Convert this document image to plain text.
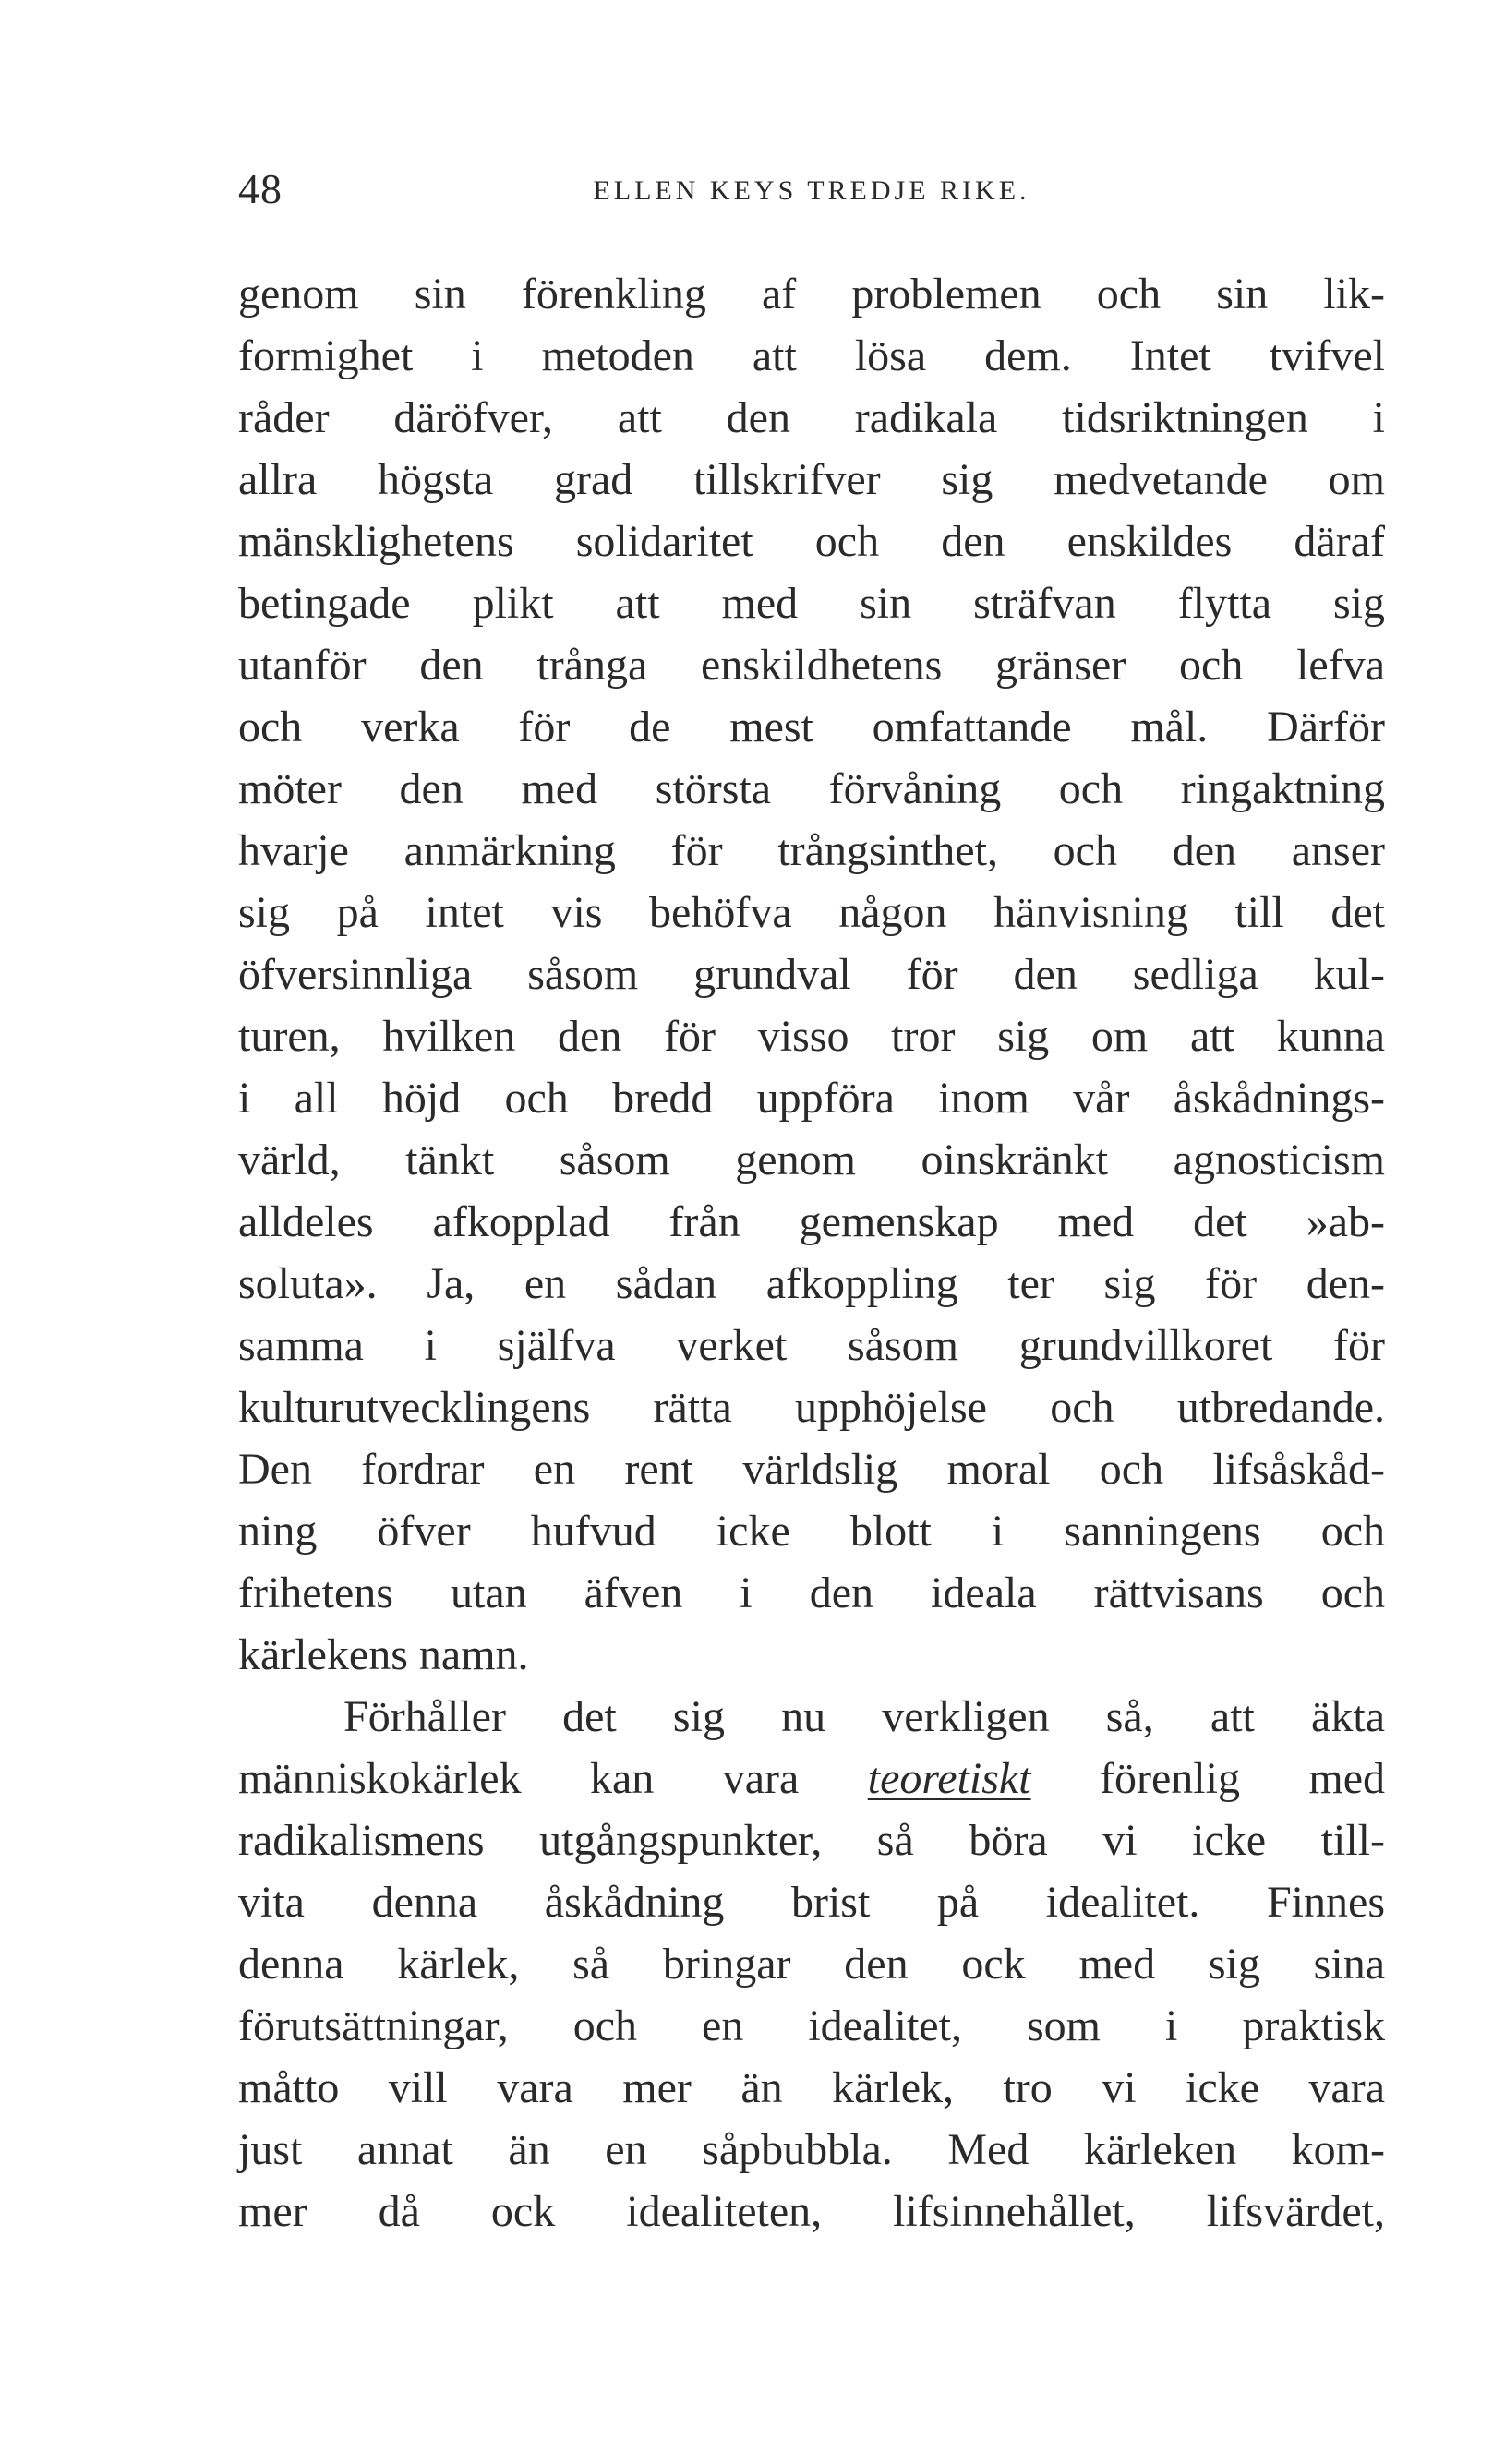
48	ELLEN KEYS TREDJE RIKE.
genom sin förenkling af problemen och sin lik-
formighet i metoden att lösa dem. Intet tvifvel
råder däröfver, att den radikala tidsriktningen i
allra högsta grad tillskrifver sig medvetande om
mänsklighetens solidaritet och den enskildes däraf
betingade plikt att med sin sträfvan flytta sig
utanför den trånga enskildhetens gränser och lefva
och verka för de mest omfattande mål. Därför
möter den med största förvåning och ringaktning
hvarje anmärkning för trångsinthet, och den anser
sig på intet vis behöfva någon hänvisning till det
öfversinnliga såsom grundval för den sedliga kul-
turen, hvilken den för visso tror sig om att kunna
i all höjd och bredd uppföra inom vår åskådnings-
värld, tänkt såsom genom oinskränkt agnosticism
alldeles afkopplad från gemenskap med det »ab-
soluta». Ja, en sådan afkoppling ter sig för den-
samma i själfva verket såsom grundvillkoret för
kulturutvecklingens rätta upphöjelse och utbredande.
Den fordrar en rent världslig moral och lifsåskåd-
ning öfver hufvud icke blott i sanningens och
frihetens utan äfven i den ideala rättvisans och
kärlekens namn.
Förhåller det sig nu verkligen så, att äkta
människokärlek kan vara teoretiskt förenlig med
radikalismens utgångspunkter, så böra vi icke till-
vita denna åskådning brist på idealitet. Finnes
denna kärlek, så bringar den ock med sig sina
förutsättningar, och en idealitet, som i praktisk
måtto vill vara mer än kärlek, tro vi icke vara
just annat än en såpbubbla. Med kärleken kom-
mer då ock idealiteten, lifsinnehållet, lifsvärdet,
